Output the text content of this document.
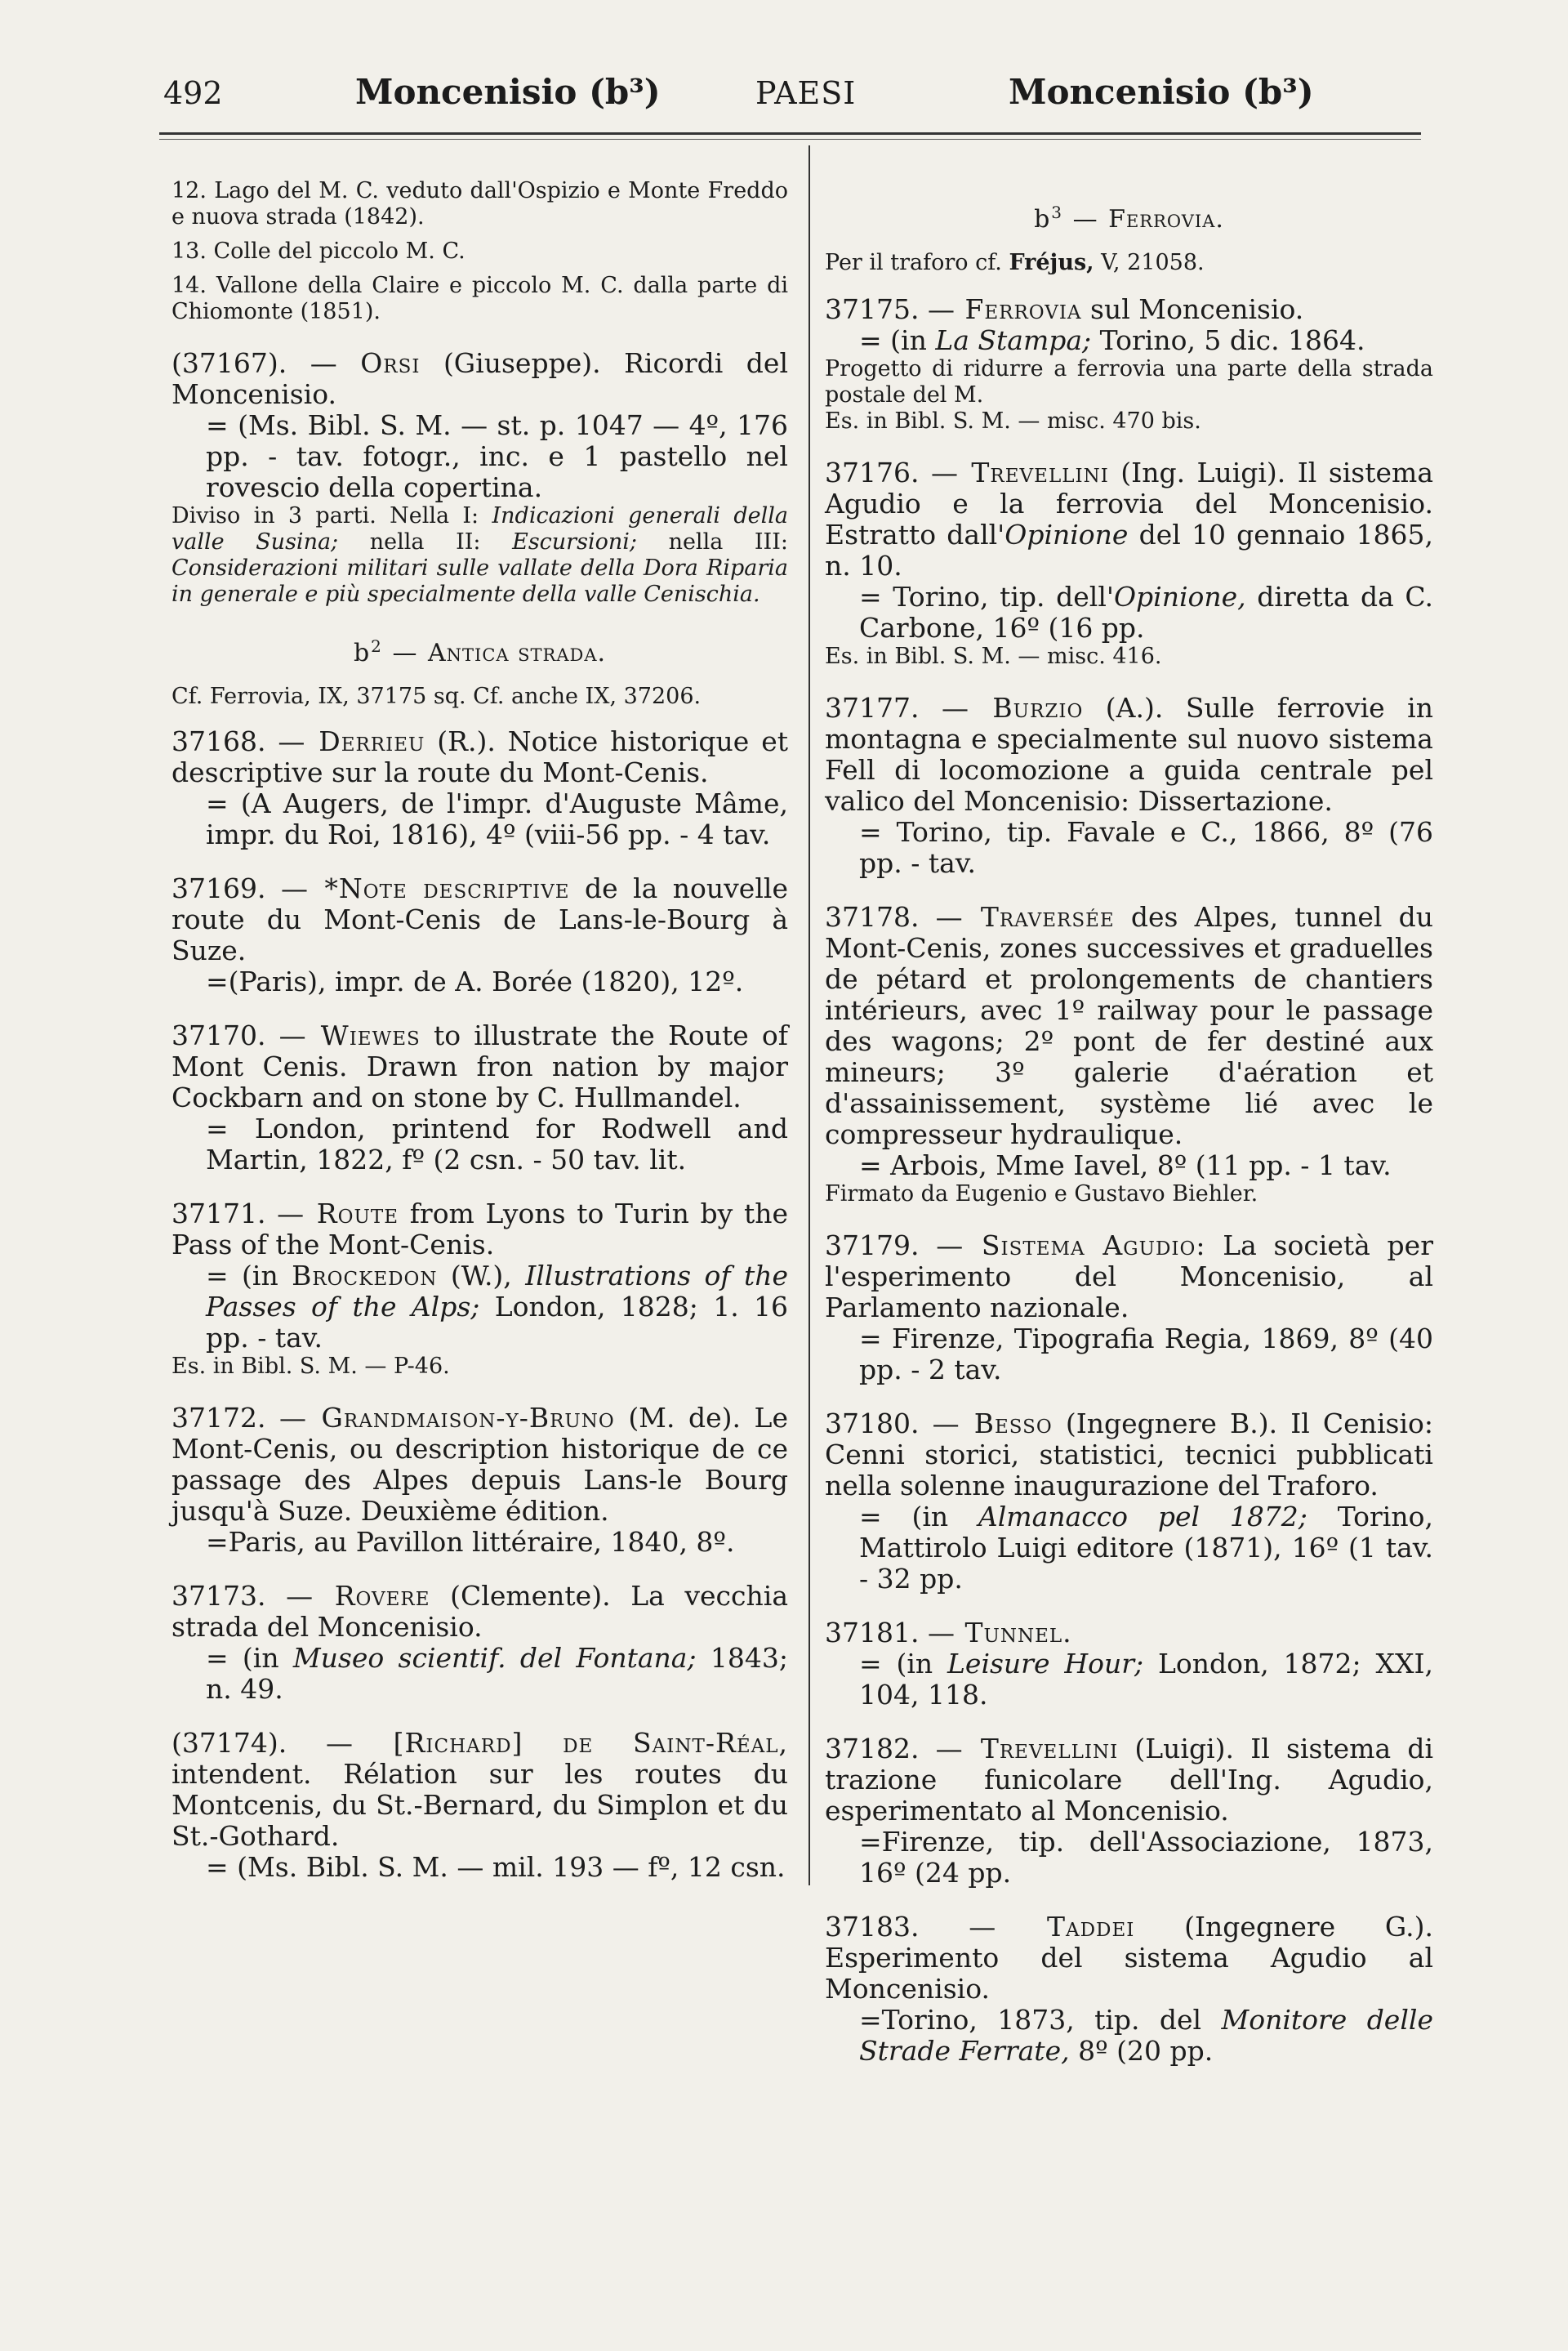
492	Moncenisio (b³)	PAESI	Moncenisio (b³)

12. Lago del M. C. veduto dall'Ospizio e Monte Freddo e nuova strada (1842).

13. Colle del piccolo M. C.

14. Vallone della Claire e piccolo M. C. dalla parte di Chiomonte (1851).

(37167). — Orsi (Giuseppe). Ricordi del Moncenisio.

= (Ms. Bibl. S. M. — st. p. 1047 — 4º, 176 pp. - tav. fotogr., inc. e 1 pastello nel rovescio della copertina.

Diviso in 3 parti. Nella I: Indicazioni generali della valle Susina; nella II: Escursioni; nella III: Considerazioni militari sulle vallate della Dora Riparia in generale e più specialmente della valle Cenischia.

$b^2$ — Antica strada.

Cf. Ferrovia, IX, 37175 sq. Cf. anche IX, 37206.

37168. — Derrieu (R.). Notice historique et descriptive sur la route du Mont-Cenis.

= (A Augers, de l'impr. d'Auguste Mâme, impr. du Roi, 1816), 4º (viii-56 pp. - 4 tav.

37169. — *Note descriptive de la nouvelle route du Mont-Cenis de Lans-le-Bourg à Suze.

=(Paris), impr. de A. Borée (1820), 12º.

37170. — Wiewes to illustrate the Route of Mont Cenis. Drawn fron nation by major Cockbarn and on stone by C. Hullmandel.

= London, printend for Rodwell and Martin, 1822, fº (2 csn. - 50 tav. lit.

37171. — Route from Lyons to Turin by the Pass of the Mont-Cenis.

= (in Brockedon (W.), Illustrations of the Passes of the Alps; London, 1828; 1. 16 pp. - tav.

Es. in Bibl. S. M. — P-46.

37172. — Grandmaison-y-Bruno (M. de). Le Mont-Cenis, ou description historique de ce passage des Alpes depuis Lans-le Bourg jusqu'à Suze. Deuxième édition.

=Paris, au Pavillon littéraire, 1840, 8º.

37173. — Rovere (Clemente). La vecchia strada del Moncenisio.

= (in Museo scientif. del Fontana; 1843; n. 49.

(37174). — [Richard] de Saint-Réal, intendent. Rélation sur les routes du Montcenis, du St.-Bernard, du Simplon et du St.-Gothard.

= (Ms. Bibl. S. M. — mil. 193 — fº, 12 csn.

$b^3$ — Ferrovia.

Per il traforo cf. Fréjus, V, 21058.

37175. — Ferrovia sul Moncenisio.

= (in La Stampa; Torino, 5 dic. 1864.

Progetto di ridurre a ferrovia una parte della strada postale del M.

Es. in Bibl. S. M. — misc. 470 bis.

37176. — Trevellini (Ing. Luigi). Il sistema Agudio e la ferrovia del Moncenisio. Estratto dall'Opinione del 10 gennaio 1865, n. 10.

= Torino, tip. dell'Opinione, diretta da C. Carbone, 16º (16 pp.

Es. in Bibl. S. M. — misc. 416.

37177. — Burzio (A.). Sulle ferrovie in montagna e specialmente sul nuovo sistema Fell di locomozione a guida centrale pel valico del Moncenisio: Dissertazione.

= Torino, tip. Favale e C., 1866, 8º (76 pp. - tav.

37178. — Traversée des Alpes, tunnel du Mont-Cenis, zones successives et graduelles de pétard et prolongements de chantiers intérieurs, avec 1º railway pour le passage des wagons; 2º pont de fer destiné aux mineurs; 3º galerie d'aération et d'assainissement, système lié avec le compresseur hydraulique.

= Arbois, Mme Iavel, 8º (11 pp. - 1 tav.

Firmato da Eugenio e Gustavo Biehler.

37179. — Sistema Agudio: La società per l'esperimento del Moncenisio, al Parlamento nazionale.

= Firenze, Tipografia Regia, 1869, 8º (40 pp. - 2 tav.

37180. — Besso (Ingegnere B.). Il Cenisio: Cenni storici, statistici, tecnici pubblicati nella solenne inaugurazione del Traforo.

= (in Almanacco pel 1872; Torino, Mattirolo Luigi editore (1871), 16º (1 tav. - 32 pp.

37181. — Tunnel.

= (in Leisure Hour; London, 1872; XXI, 104, 118.

37182. — Trevellini (Luigi). Il sistema di trazione funicolare dell'Ing. Agudio, esperimentato al Moncenisio.

=Firenze, tip. dell'Associazione, 1873, 16º (24 pp.

37183. — Taddei (Ingegnere G.). Esperimento del sistema Agudio al Moncenisio.

=Torino, 1873, tip. del Monitore delle Strade Ferrate, 8º (20 pp.
